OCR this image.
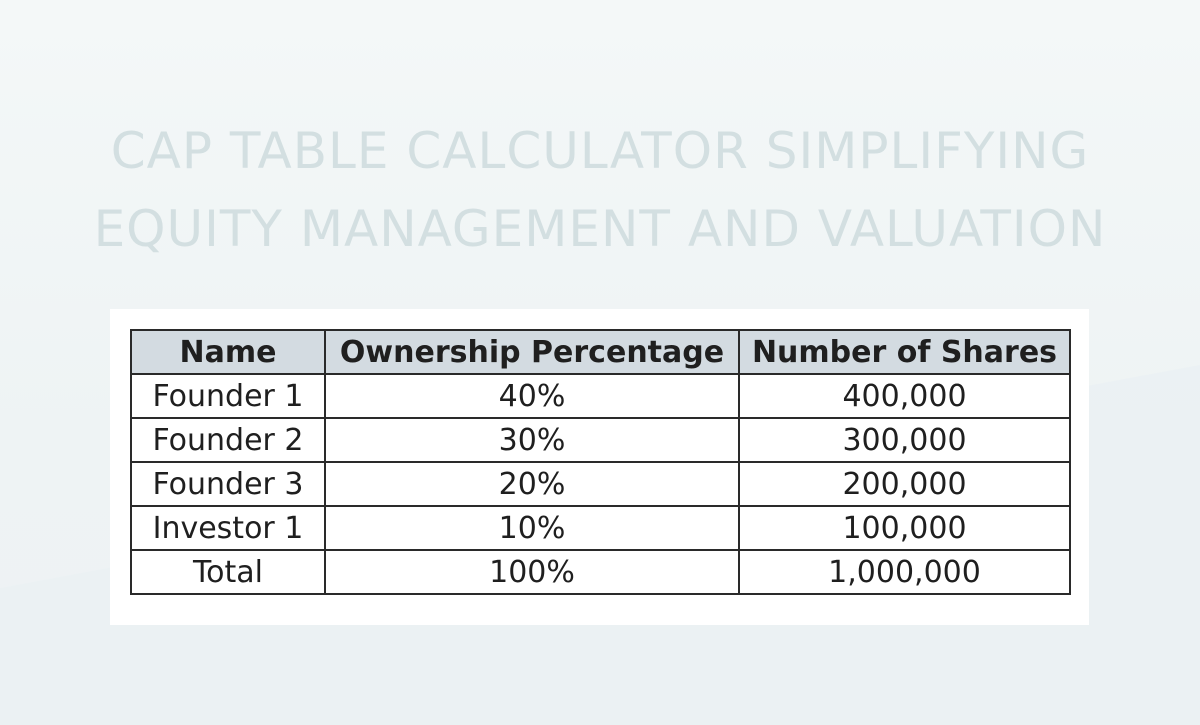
CAP TABLE CALCULATOR SIMPLIFYING
EQUITY MANAGEMENT AND VALUATION
Name	Ownership Percentage	Number of Shares
Founder 1	40%	400,000
Founder 2	30%	300,000
Founder 3	20%	200,000
Investor 1	10%	100,000
Total	100%	1,000,000
